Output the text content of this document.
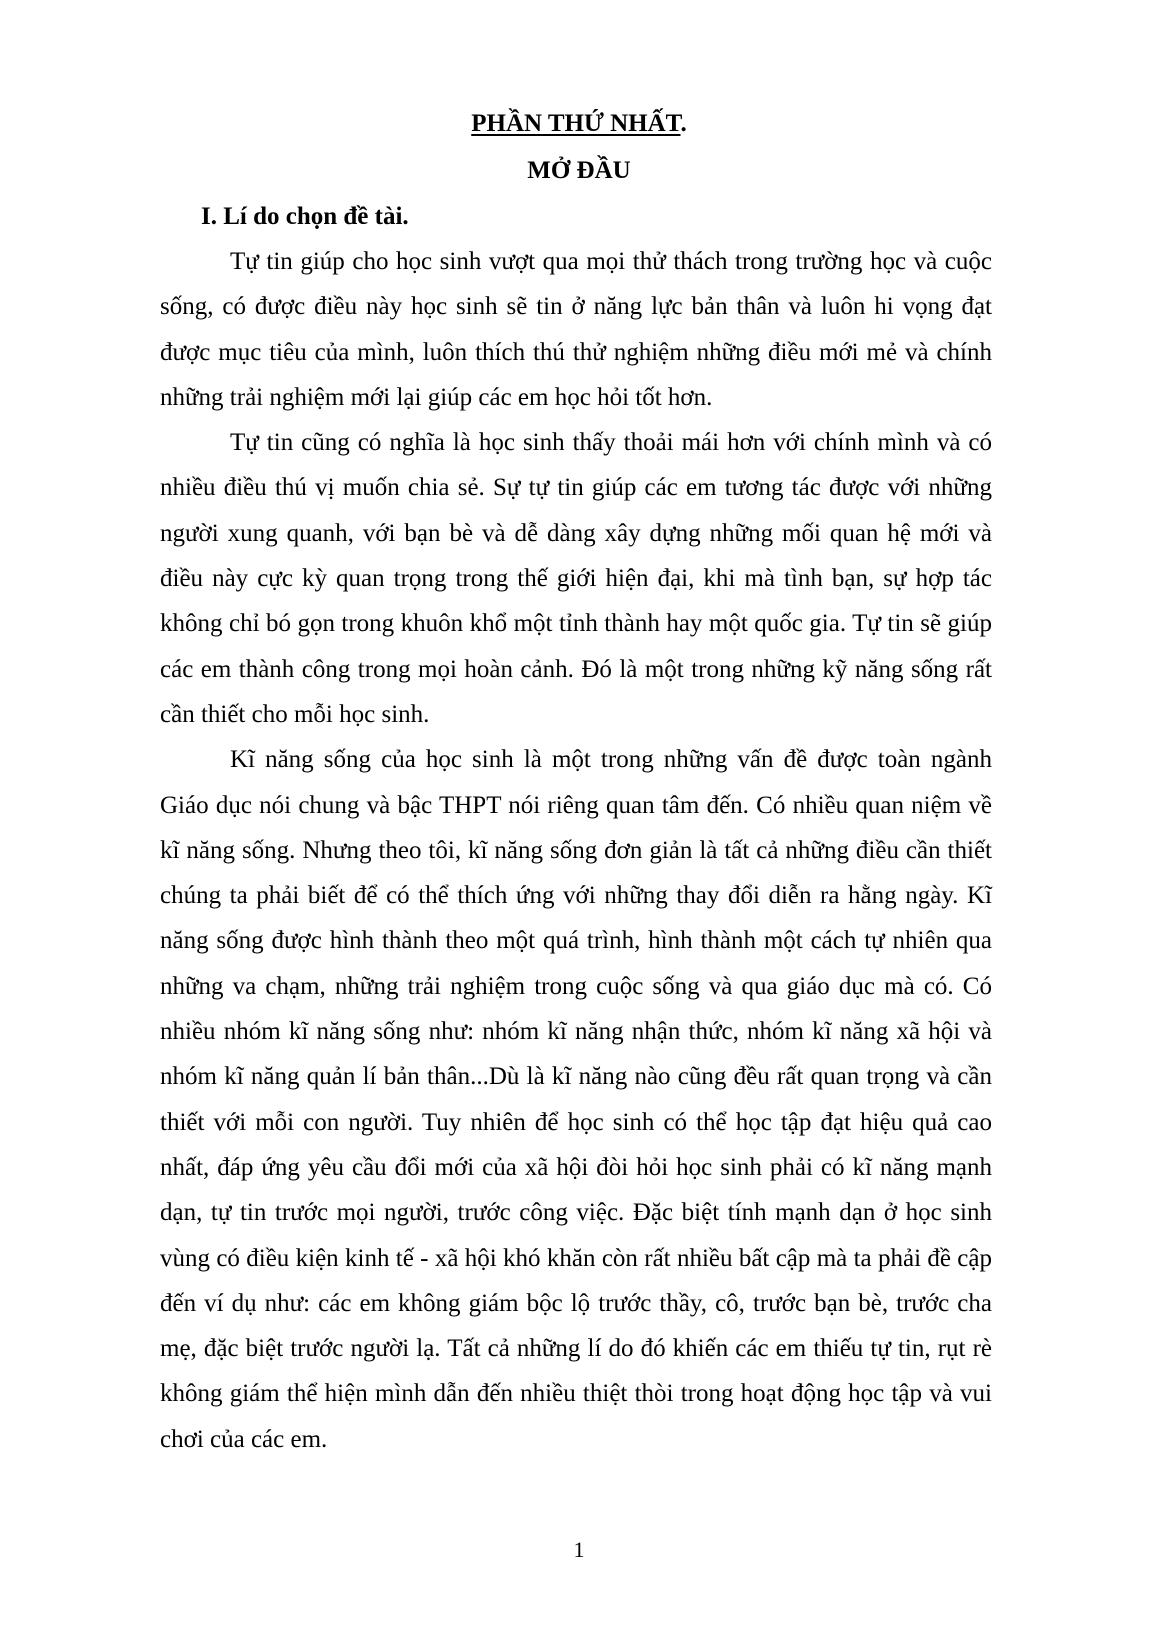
PHẦN THỨ NHẤT.
MỞ ĐẦU
I. Lí do chọn đề tài.

Tự tin giúp cho học sinh vượt qua mọi thử thách trong trường học và cuộc sống, có được điều này học sinh sẽ tin ở năng lực bản thân và luôn hi vọng đạt được mục tiêu của mình, luôn thích thú thử nghiệm những điều mới mẻ và chính những trải nghiệm mới lại giúp các em học hỏi tốt hơn.

Tự tin cũng có nghĩa là học sinh thấy thoải mái hơn với chính mình và có nhiều điều thú vị muốn chia sẻ. Sự tự tin giúp các em tương tác được với những người xung quanh, với bạn bè và dễ dàng xây dựng những mối quan hệ mới và điều này cực kỳ quan trọng trong thế giới hiện đại, khi mà tình bạn, sự hợp tác không chỉ bó gọn trong khuôn khổ một tỉnh thành hay một quốc gia. Tự tin sẽ giúp các em thành công trong mọi hoàn cảnh. Đó là một trong những kỹ năng sống rất cần thiết cho mỗi học sinh.

Kĩ năng sống của học sinh là một trong những vấn đề được toàn ngành Giáo dục nói chung và bậc THPT nói riêng quan tâm đến. Có nhiều quan niệm về kĩ năng sống. Nhưng theo tôi, kĩ năng sống đơn giản là tất cả những điều cần thiết chúng ta phải biết để có thể thích ứng với những thay đổi diễn ra hằng ngày. Kĩ năng sống được hình thành theo một quá trình, hình thành một cách tự nhiên qua những va chạm, những trải nghiệm trong cuộc sống và qua giáo dục mà có. Có nhiều nhóm kĩ năng sống như: nhóm kĩ năng nhận thức, nhóm kĩ năng xã hội và nhóm kĩ năng quản lí bản thân...Dù là kĩ năng nào cũng đều rất quan trọng và cần thiết với mỗi con người. Tuy nhiên để học sinh có thể học tập đạt hiệu quả cao nhất, đáp ứng yêu cầu đổi mới của xã hội đòi hỏi học sinh phải có kĩ năng mạnh dạn, tự tin trước mọi người, trước công việc. Đặc biệt tính mạnh dạn ở học sinh vùng có điều kiện kinh tế - xã hội khó khăn còn rất nhiều bất cập mà ta phải đề cập đến ví dụ như: các em không giám bộc lộ trước thầy, cô, trước bạn bè, trước cha mẹ, đặc biệt trước người lạ. Tất cả những lí do đó khiến các em thiếu tự tin, rụt rè không giám thể hiện mình dẫn đến nhiều thiệt thòi trong hoạt động học tập và vui chơi của các em.

1
